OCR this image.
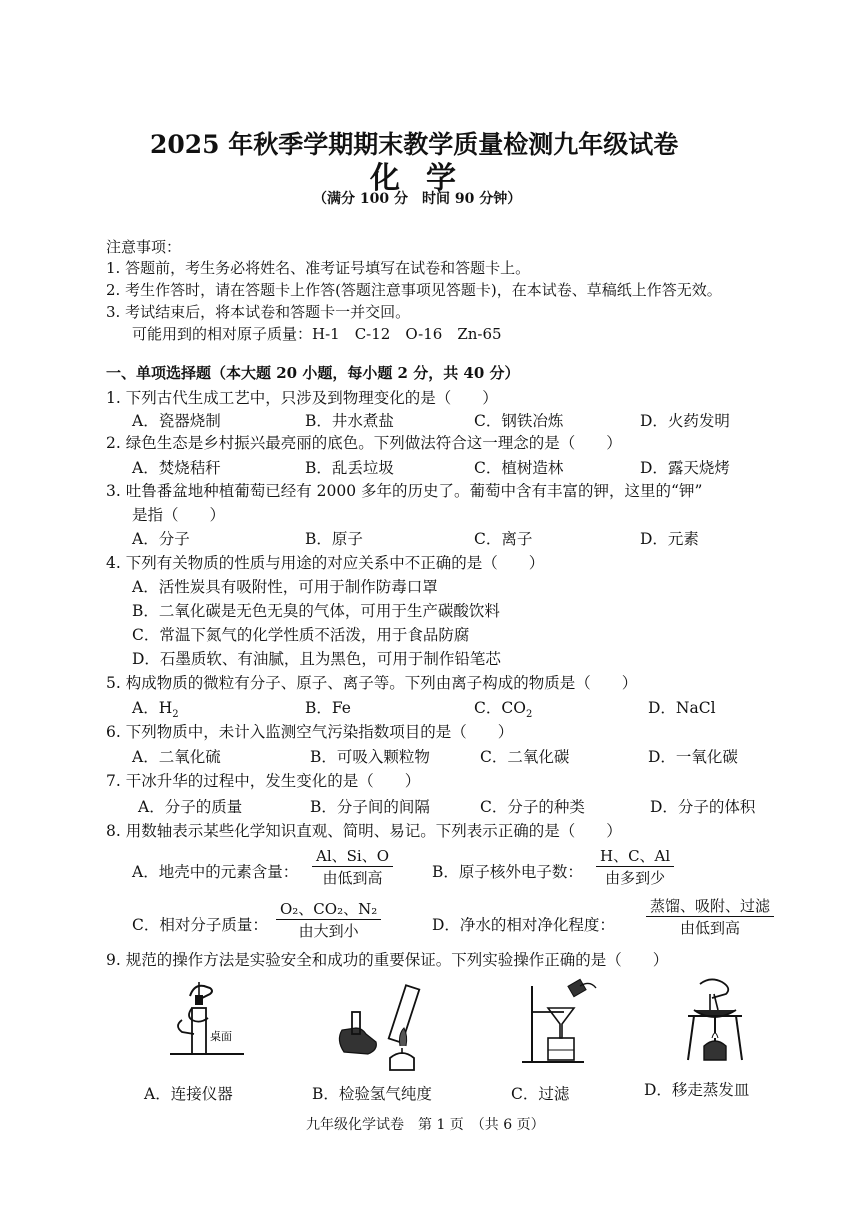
2025 年秋季学期期末教学质量检测九年级试卷
化学
（满分 100 分　时间 90 分钟）
注意事项：
1. 答题前，考生务必将姓名、准考证号填写在试卷和答题卡上。
2. 考生作答时，请在答题卡上作答(答题注意事项见答题卡)，在本试卷、草稿纸上作答无效。
3. 考试结束后，将本试卷和答题卡一并交回。
可能用到的相对原子质量：H-1　C-12　O-16　Zn-65
一、单项选择题（本大题 20 小题，每小题 2 分，共 40 分）
1. 下列古代生成工艺中，只涉及到物理变化的是（　　）
A．瓷器烧制	B．井水煮盐	C．钢铁冶炼	D．火药发明
2. 绿色生态是乡村振兴最亮丽的底色。下列做法符合这一理念的是（　　）
A．焚烧秸秆	B．乱丢垃圾	C．植树造林	D．露天烧烤
3. 吐鲁番盆地种植葡萄已经有 2000 多年的历史了。葡萄中含有丰富的钾，这里的“钾”
是指（　　）
A．分子	B．原子	C．离子	D．元素
4. 下列有关物质的性质与用途的对应关系中不正确的是（　　）
A．活性炭具有吸附性，可用于制作防毒口罩
B．二氧化碳是无色无臭的气体，可用于生产碳酸饮料
C．常温下氮气的化学性质不活泼，用于食品防腐
D．石墨质软、有油腻，且为黑色，可用于制作铅笔芯
5. 构成物质的微粒有分子、原子、离子等。下列由离子构成的物质是（　　）
A．$H_2$	B．Fe	C．$CO_2$	D．NaCl
6. 下列物质中，未计入监测空气污染指数项目的是（　　）
A．二氧化硫	B．可吸入颗粒物	C．二氧化碳	D．一氧化碳
7. 干冰升华的过程中，发生变化的是（　　）
A．分子的质量	B．分子间的间隔	C．分子的种类	D．分子的体积
8. 用数轴表示某些化学知识直观、简明、易记。下列表示正确的是（　　）
A．地壳中的元素含量：
Al、Si、O
由低到高	B．原子核外电子数：
H、C、Al
由多到少
C．相对分子质量：
O₂、CO₂、N₂
由大到小	D．净水的相对净化程度：
蒸馏、吸附、过滤
由低到高
9. 规范的操作方法是实验安全和成功的重要保证。下列实验操作正确的是（　　）
桌面
A．连接仪器	B．检验氢气纯度	C．过滤	D．移走蒸发皿
九年级化学试卷　第 1 页　（共 6 页）
